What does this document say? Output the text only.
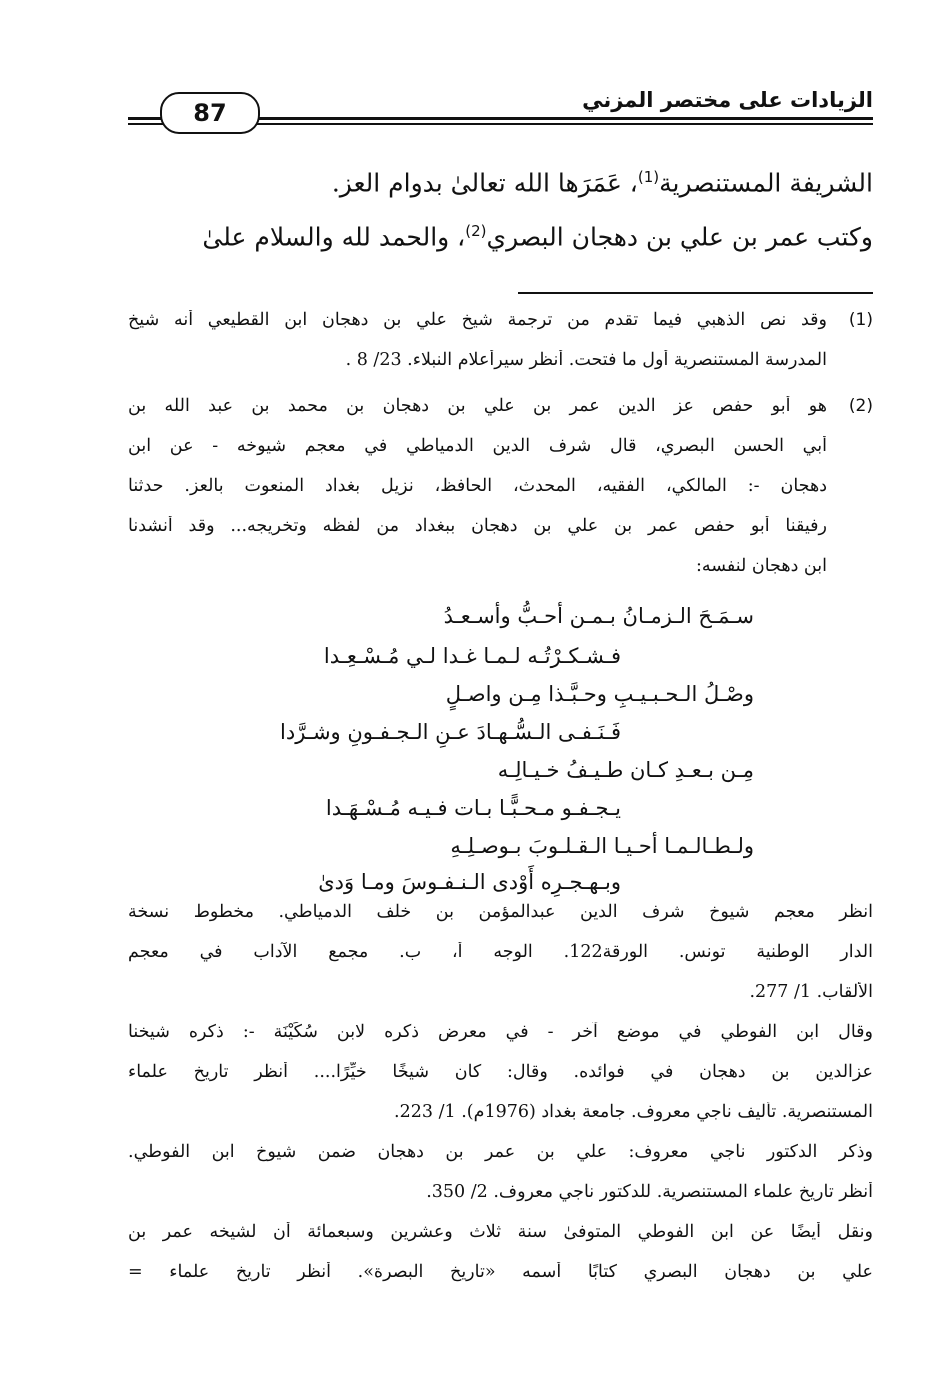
الزيادات على مختصر المزني
87
الشريفة المستنصرية$^{(1)}$، عَمَرَها الله تعالىٰ بدوام العز.
وكتب عمر بن علي بن دهجان البصري$^{(2)}$، والحمد لله والسلام علىٰ
(1)
وقد نص الذهبي فيما تقدم من ترجمة شيخ علي بن دهجان ابن القطيعي أنه شيخ
المدرسة المستنصرية أول ما فتحت. أنظر سيرأعلام النبلاء. 23/ 8 .
(2)
هو أبو حفص عز الدين عمر بن علي بن دهجان بن محمد بن عبد الله بن
أبي الحسن البصري، قال شرف الدين الدمياطي في معجم شيوخه - عن ابن
دهجان -: المالكي، الفقيه، المحدث، الحافظ، نزيل بغداد المنعوت بالعز. حدثنا
رفيقنا أبو حفص عمر بن علي بن دهجان ببغداد من لفظه وتخريجه... وقد أنشدنا
ابن دهجان لنفسه:
انظر معجم شيوخ شرف الدين عبدالمؤمن بن خلف الدمياطي. مخطوط نسخة
الدار الوطنية تونس. الورقة122. الوجه أ، ب. مجمع الآداب في معجم
الألقاب. 1/ 277.
وقال ابن الفوطي في موضع آخر - في معرض ذكره لابن سُكَيْنَة -: ذكره شيخنا
عزالدين بن دهجان في فوائده. وقال: كان شيخًا خيِّرًا.... أنظر تاريخ علماء
المستنصرية. تأليف ناجي معروف. جامعة بغداد (1976م). 1/ 223.
وذكر الدكتور ناجي معروف: علي بن عمر بن دهجان ضمن شيوخ ابن الفوطي.
أنظر تاريخ علماء المستنصرية. للدكتور ناجي معروف. 2/ 350.
ونقل أيضًا عن ابن الفوطي المتوفىٰ سنة ثلاث وعشرين وسبعمائة أن لشيخه عمر بن
علي بن دهجان البصري كتابًا أسمه «تاريخ البصرة». أنظر تاريخ علماء =
سـمَـحَ الـزمـانُ بـمـن أحـبُّ وأسـعـدُ
فـشـكـرْتُـه لـمـا غـدا لـي مُـسْـعِـدا
وصْـلُ الـحـبـيـبِ وحـبَّـذا مِـن واصـلٍ
فَـنَـفـى الـسُّـهـادَ عـنِ الـجـفـونِ وشـرَّدا
مِـن بـعـدِ كـان طـيـفُ خـيـالِـه
يـجـفـو مـحـبًّـا بـات فـيـه مُـسْـهَـدا
ولـطـالـمـا أحـيـا الـقـلـوبَ بـوصـلِـهِ
وبـهـجـرِه أَوْدى الـنـفـوسَ ومـا وَدىٰ
